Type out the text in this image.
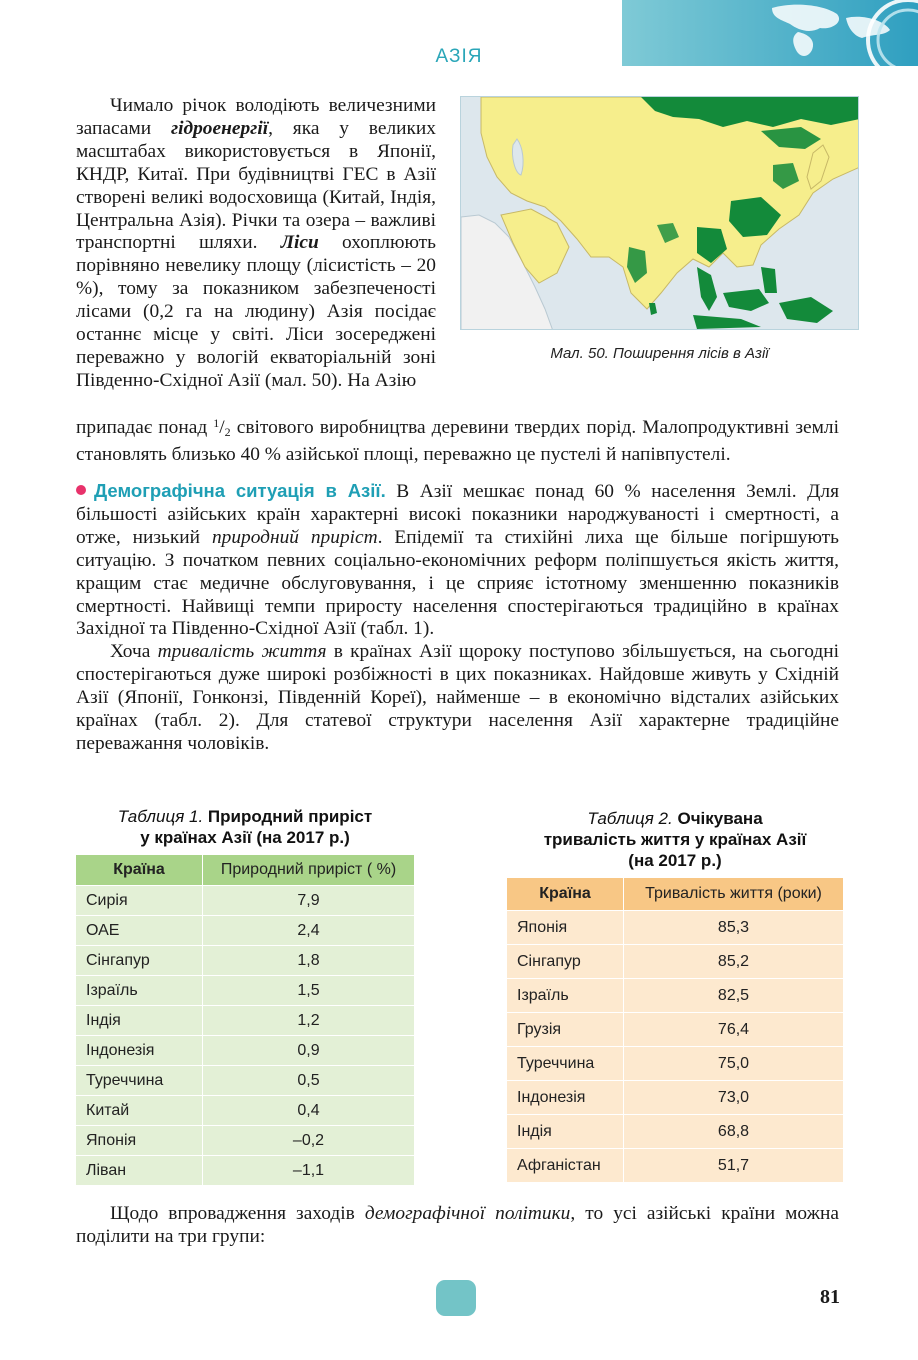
АЗІЯ
Мал. 50. Поширення лісів в Азії

Чимало річок володіють величезними запасами гідроенергії, яка у великих масштабах використовується в Японії, КНДР, Китаї. При будівництві ГЕС в Азії створені великі водосховища (Китай, Індія, Центральна Азія). Річки та озера – важливі транспортні шляхи. Ліси охоплюють порівняно невелику площу (лісистість – 20 %), тому за показником забезпеченості лісами (0,2 га на людину) Азія посідає останнє місце у світі. Ліси зосереджені переважно у вологій екваторіальній зоні Південно-Східної Азії (мал. 50). На Азію

припадає понад $^1/_2$ світового виробництва деревини твердих порід. Малопродуктивні землі становлять близько 40 % азійської площі, переважно це пустелі й напівпустелі.

Демографічна ситуація в Азії. В Азії мешкає понад 60 % населення Землі. Для більшості азійських країн характерні високі показники народжуваності і смертності, а отже, низький природний приріст. Епідемії та стихійні лиха ще більше погіршують ситуацію. З початком певних соціально-економічних реформ поліпшується якість життя, кращим стає медичне обслуговування, і це сприяє істотному зменшенню показників смертності. Найвищі темпи приросту населення спостерігаються традиційно в країнах Західної та Південно-Східної Азії (табл. 1).

Хоча тривалість життя в країнах Азії щороку поступово збільшується, на сьогодні спостерігаються дуже широкі розбіжності в цих показниках. Найдовше живуть у Східній Азії (Японії, Гонконзі, Південній Кореї), найменше – в економічно відсталих азійських країнах (табл. 2). Для статевої структури населення Азії характерне традиційне переважання чоловіків.

Таблиця 1. Природний приріст
у країнах Азії (на 2017 р.)
Країна	Природний приріст ( %)
Сирія	7,9
ОАЕ	2,4
Сінгапур	1,8
Ізраїль	1,5
Індія	1,2
Індонезія	0,9
Туреччина	0,5
Китай	0,4
Японія	–0,2
Ліван	–1,1
Таблиця 2. Очікувана
тривалість життя у країнах Азії
(на 2017 р.)
Країна	Тривалість життя (роки)
Японія	85,3
Сінгапур	85,2
Ізраїль	82,5
Грузія	76,4
Туреччина	75,0
Індонезія	73,0
Індія	68,8
Афганістан	51,7

Щодо впровадження заходів демографічної політики, то усі азійські країни можна поділити на три групи:

81
